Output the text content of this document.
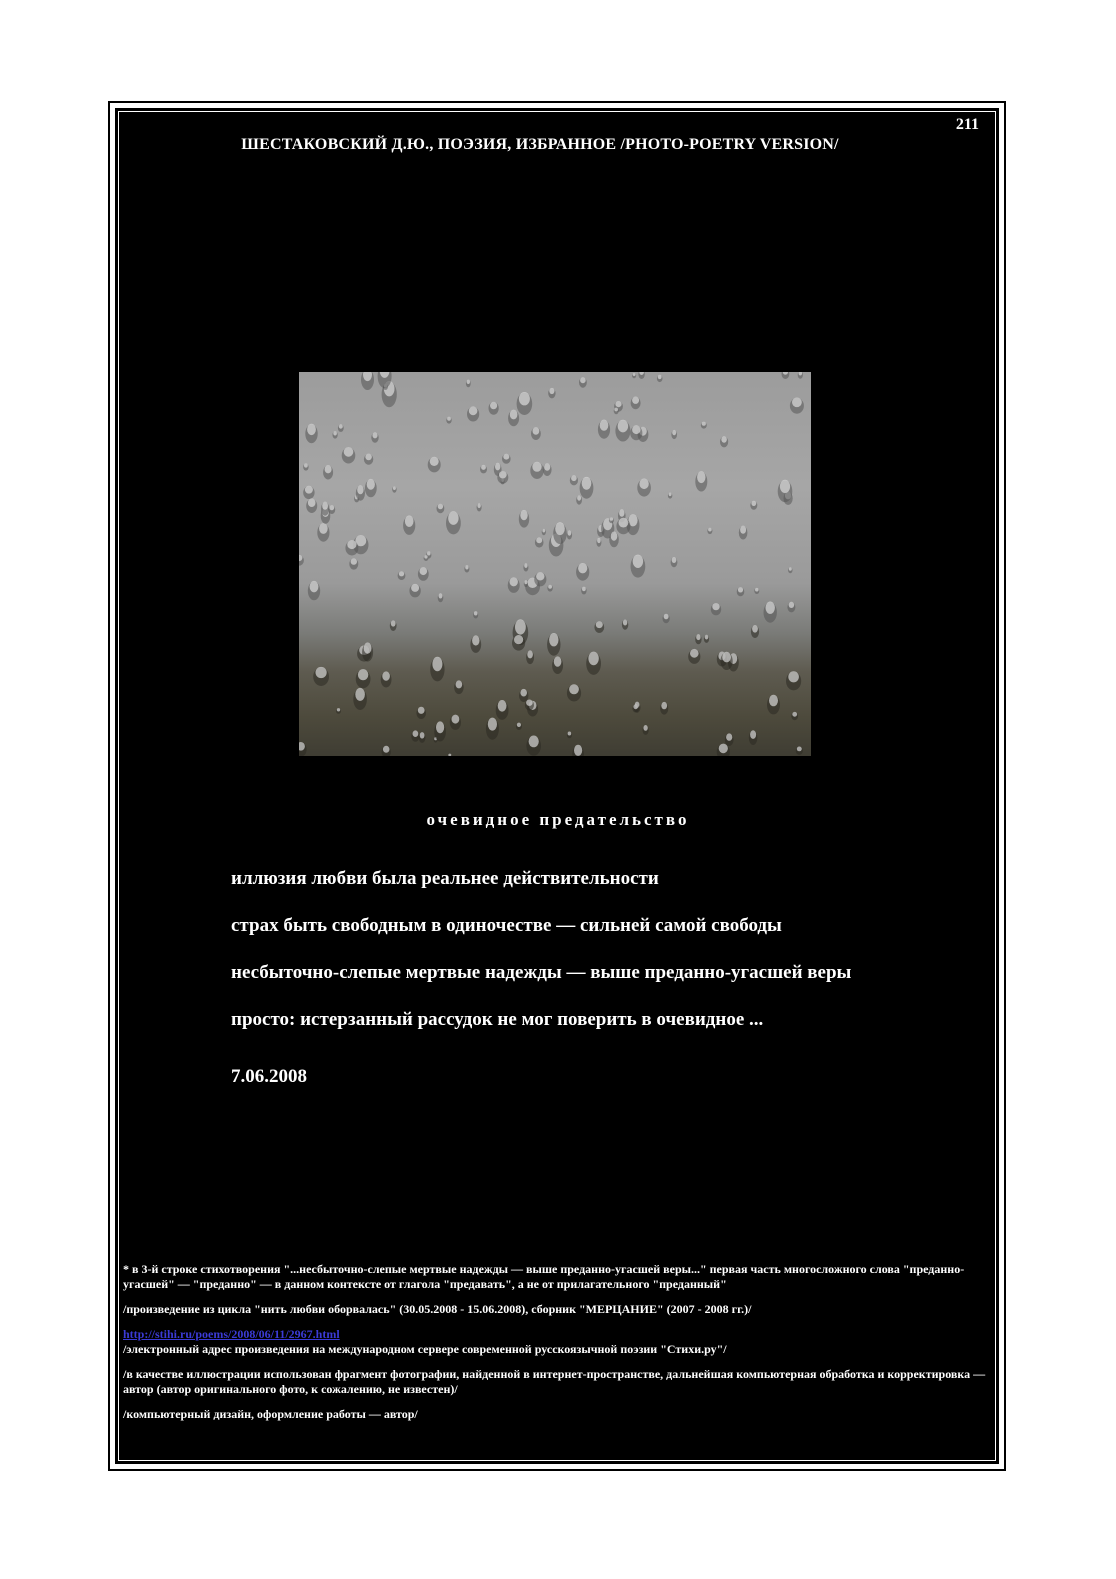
211
ШЕСТАКОВСКИЙ Д.Ю., ПОЭЗИЯ, ИЗБРАННОЕ /PHOTO-POETRY VERSION/
очевидное предательство
иллюзия любви была реальнее действительности
страх быть свободным в одиночестве — сильней самой свободы
несбыточно-слепые мертвые надежды — выше преданно-угасшей веры
просто: истерзанный рассудок не мог поверить в очевидное ...
7.06.2008

* в 3-й строке стихотворения "...несбыточно-слепые мертвые надежды — выше преданно-угасшей веры..." первая часть многосложного слова "преданно-угасшей" — "преданно" — в данном контексте от глагола "предавать", а не от прилагательного "преданный"

/произведение из цикла "нить любви оборвалась" (30.05.2008 - 15.06.2008), сборник "МЕРЦАНИЕ" (2007 - 2008 гг.)/

http://stihi.ru/poems/2008/06/11/2967.html

/электронный адрес произведения на международном сервере современной русскоязычной поэзии "Стихи.ру"/

/в качестве иллюстрации использован фрагмент фотографии, найденной в интернет-пространстве, дальнейшая компьютерная обработка и корректировка — автор (автор оригинального фото, к сожалению, не известен)/

/компьютерный дизайн, оформление работы — автор/
